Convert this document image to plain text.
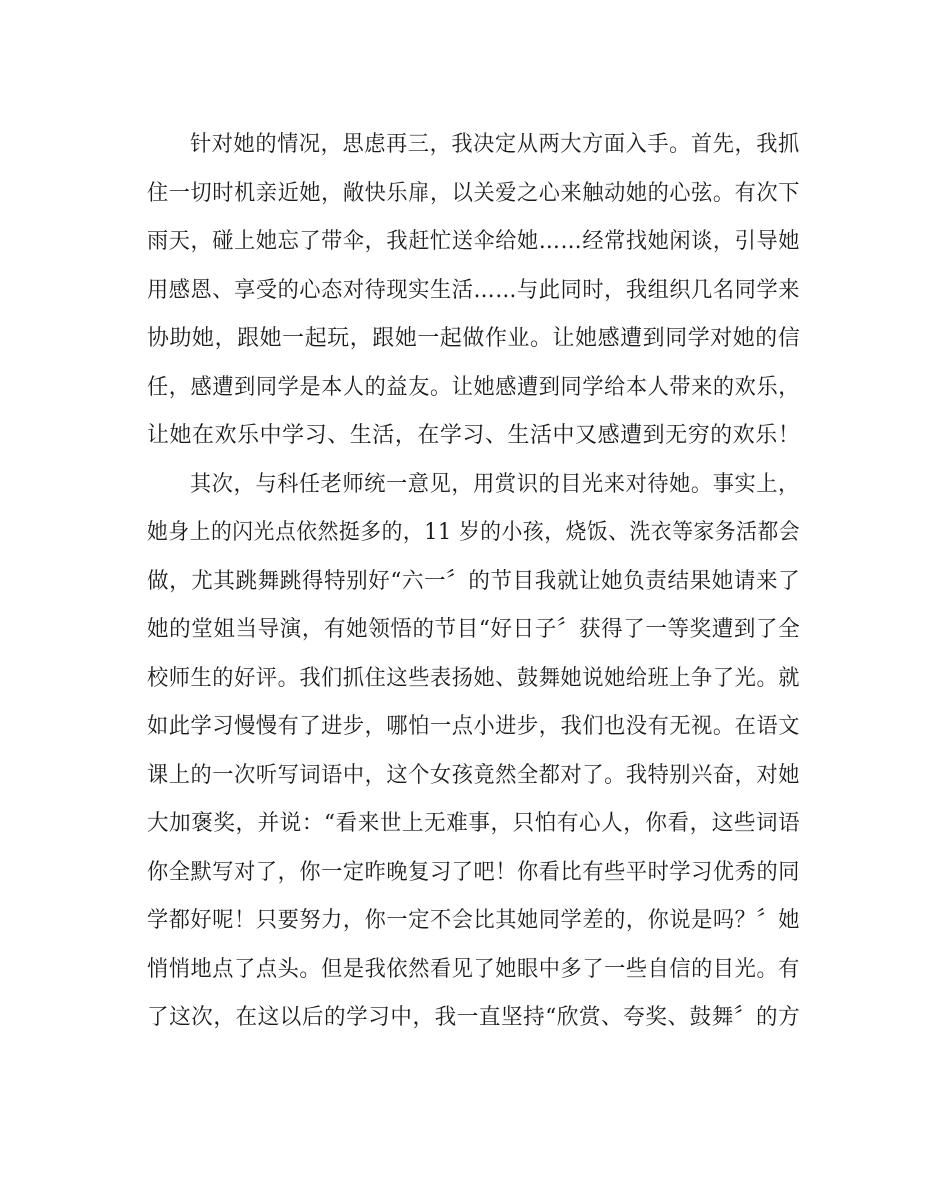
针对她的情况，思虑再三，我决定从两大方面入手。首先，我抓
住一切时机亲近她，敞快乐扉，以关爱之心来触动她的心弦。有次下
雨天，碰上她忘了带伞，我赶忙送伞给她……经常找她闲谈，引导她
用感恩、享受的心态对待现实生活……与此同时，我组织几名同学来
协助她，跟她一起玩，跟她一起做作业。让她感遭到同学对她的信
任，感遭到同学是本人的益友。让她感遭到同学给本人带来的欢乐，
让她在欢乐中学习、生活，在学习、生活中又感遭到无穷的欢乐！
其次，与科任老师统一意见，用赏识的目光来对待她。事实上，
她身上的闪光点依然挺多的，11 岁的小孩，烧饭、洗衣等家务活都会
做，尤其跳舞跳得特别好“六一〞的节目我就让她负责结果她请来了
她的堂姐当导演，有她领悟的节目“好日子〞获得了一等奖遭到了全
校师生的好评。我们抓住这些表扬她、鼓舞她说她给班上争了光。就
如此学习慢慢有了进步，哪怕一点小进步，我们也没有无视。在语文
课上的一次听写词语中，这个女孩竟然全都对了。我特别兴奋，对她
大加褒奖，并说：“看来世上无难事，只怕有心人，你看，这些词语
你全默写对了，你一定昨晚复习了吧！你看比有些平时学习优秀的同
学都好呢！只要努力，你一定不会比其她同学差的，你说是吗？〞她
悄悄地点了点头。但是我依然看见了她眼中多了一些自信的目光。有
了这次，在这以后的学习中，我一直坚持“欣赏、夸奖、鼓舞〞的方
